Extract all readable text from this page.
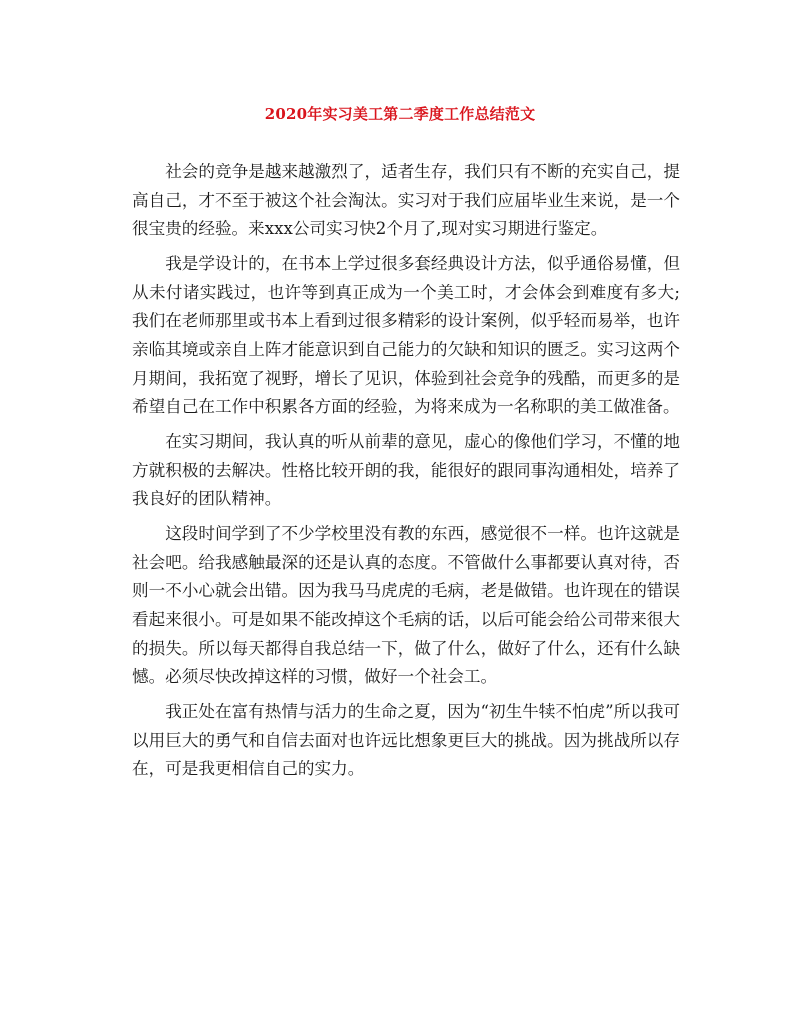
2020年实习美工第二季度工作总结范文

社会的竞争是越来越激烈了，适者生存，我们只有不断的充实自己，提高自己，才不至于被这个社会淘汰。实习对于我们应届毕业生来说，是一个很宝贵的经验。来xxx公司实习快2个月了,现对实习期进行鉴定。

我是学设计的，在书本上学过很多套经典设计方法，似乎通俗易懂，但从未付诸实践过，也许等到真正成为一个美工时，才会体会到难度有多大;我们在老师那里或书本上看到过很多精彩的设计案例，似乎轻而易举，也许亲临其境或亲自上阵才能意识到自己能力的欠缺和知识的匮乏。实习这两个月期间，我拓宽了视野，增长了见识，体验到社会竞争的残酷，而更多的是希望自己在工作中积累各方面的经验，为将来成为一名称职的美工做准备。

在实习期间，我认真的听从前辈的意见，虚心的像他们学习，不懂的地方就积极的去解决。性格比较开朗的我，能很好的跟同事沟通相处，培养了我良好的团队精神。

这段时间学到了不少学校里没有教的东西，感觉很不一样。也许这就是社会吧。给我感触最深的还是认真的态度。不管做什么事都要认真对待，否则一不小心就会出错。因为我马马虎虎的毛病，老是做错。也许现在的错误看起来很小。可是如果不能改掉这个毛病的话，以后可能会给公司带来很大的损失。所以每天都得自我总结一下，做了什么，做好了什么，还有什么缺憾。必须尽快改掉这样的习惯，做好一个社会工。

我正处在富有热情与活力的生命之夏，因为“初生牛犊不怕虎”所以我可以用巨大的勇气和自信去面对也许远比想象更巨大的挑战。因为挑战所以存在，可是我更相信自己的实力。
